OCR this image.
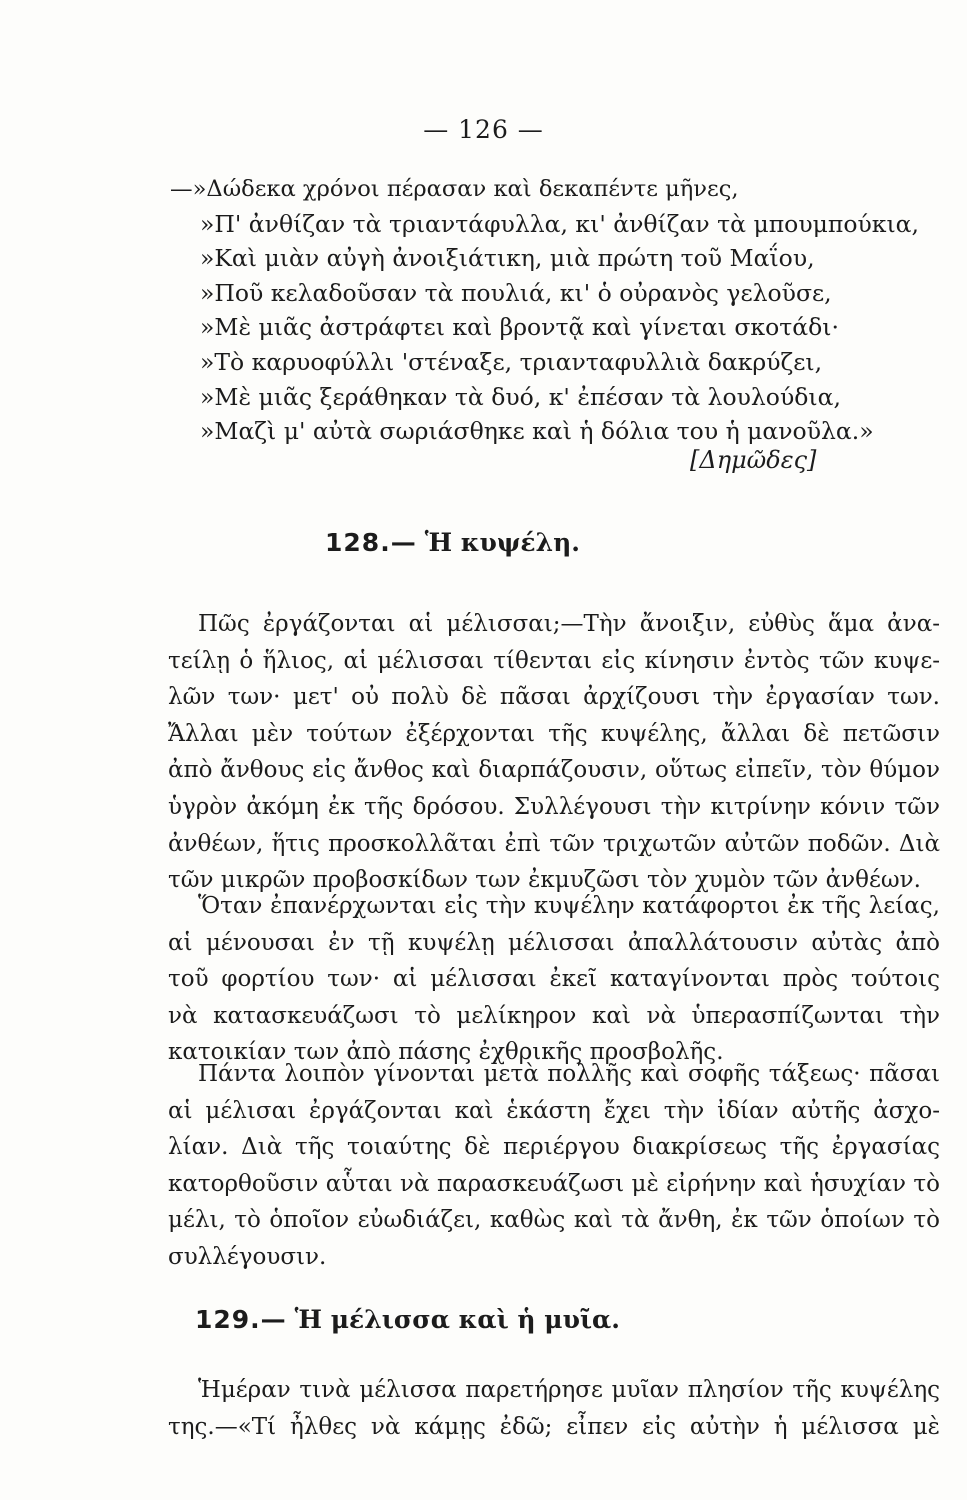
— 126 —
—»Δώδεκα χρόνοι πέρασαν καὶ δεκαπέντε μῆνες,
»Π' ἀνθίζαν τὰ τριαντάφυλλα, κι' ἀνθίζαν τὰ μπουμπούκια,
»Καὶ μιὰν αὐγὴ ἀνοιξιάτικη, μιὰ πρώτη τοῦ Μαΐου,
»Ποῦ κελαδοῦσαν τὰ πουλιά, κι' ὁ οὐρανὸς γελοῦσε,
»Μὲ μιᾶς ἀστράφτει καὶ βροντᾷ καὶ γίνεται σκοτάδι·
»Τὸ καρυοφύλλι 'στέναξε, τριανταφυλλιὰ δακρύζει,
»Μὲ μιᾶς ξεράθηκαν τὰ δυό, κ' ἐπέσαν τὰ λουλούδια,
»Μαζὶ μ' αὐτὰ σωριάσθηκε καὶ ἡ δόλια του ἡ μανοῦλα.»
[Δημῶδες]
128.— Ἡ κυψέλη.
Πῶς ἐργάζονται αἱ μέλισσαι;—Τὴν ἄνοιξιν, εὐθὺς ἅμα ἀνα-
τείλῃ ὁ ἥλιος, αἱ μέλισσαι τίθενται εἰς κίνησιν ἐντὸς τῶν κυψε-
λῶν των· μετ' οὐ πολὺ δὲ πᾶσαι ἀρχίζουσι τὴν ἐργασίαν των.
Ἄλλαι μὲν τούτων ἐξέρχονται τῆς κυψέλης, ἄλλαι δὲ πετῶσιν
ἀπὸ ἄνθους εἰς ἄνθος καὶ διαρπάζουσιν, οὕτως εἰπεῖν, τὸν θύμον
ὑγρὸν ἀκόμη ἐκ τῆς δρόσου. Συλλέγουσι τὴν κιτρίνην κόνιν τῶν
ἀνθέων, ἥτις προσκολλᾶται ἐπὶ τῶν τριχωτῶν αὐτῶν ποδῶν. Διὰ
τῶν μικρῶν προβοσκίδων των ἐκμυζῶσι τὸν χυμὸν τῶν ἀνθέων.
Ὅταν ἐπανέρχωνται εἰς τὴν κυψέλην κατάφορτοι ἐκ τῆς λείας,
αἱ μένουσαι ἐν τῇ κυψέλῃ μέλισσαι ἀπαλλάτουσιν αὐτὰς ἀπὸ
τοῦ φορτίου των· αἱ μέλισσαι ἐκεῖ καταγίνονται πρὸς τούτοις
νὰ κατασκευάζωσι τὸ μελίκηρον καὶ νὰ ὑπερασπίζωνται τὴν
κατοικίαν των ἀπὸ πάσης ἐχθρικῆς προσβολῆς.
Πάντα λοιπὸν γίνονται μετὰ πολλῆς καὶ σοφῆς τάξεως· πᾶσαι
αἱ μέλισαι ἐργάζονται καὶ ἑκάστη ἔχει τὴν ἰδίαν αὐτῆς ἀσχο-
λίαν. Διὰ τῆς τοιαύτης δὲ περιέργου διακρίσεως τῆς ἐργασίας
κατορθοῦσιν αὗται νὰ παρασκευάζωσι μὲ εἰρήνην καὶ ἡσυχίαν τὸ
μέλι, τὸ ὁποῖον εὐωδιάζει, καθὼς καὶ τὰ ἄνθη, ἐκ τῶν ὁποίων τὸ
συλλέγουσιν.
129.— Ἡ μέλισσα καὶ ἡ μυῖα.
Ἡμέραν τινὰ μέλισσα παρετήρησε μυῖαν πλησίον τῆς κυψέλης
της.—«Τί ἦλθες νὰ κάμῃς ἐδῶ; εἶπεν εἰς αὐτὴν ἡ μέλισσα μὲ
